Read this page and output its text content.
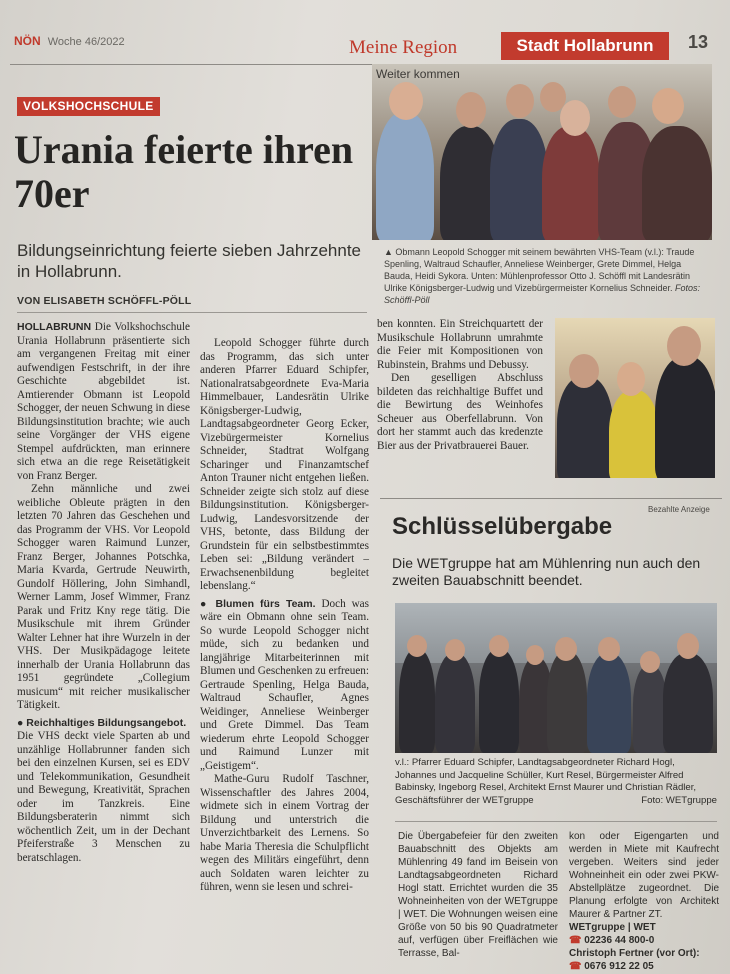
NÖN Woche 46/2022	Meine Region	Stadt Hollabrunn	13
VOLKSHOCHSCHULE
Urania feierte ihren 70er
Bildungseinrichtung feierte sieben Jahrzehnte in Hollabrunn.
VON ELISABETH SCHÖFFL-PÖLL
Weiter kommen
▲ Obmann Leopold Schogger mit seinem bewährten VHS-Team (v.l.): Traude Spenling, Waltraud Schaufler, Anneliese Weinberger, Grete Dimmel, Helga Bauda, Heidi Sykora. Unten: Mühlenprofessor Otto J. Schöffl mit Landesrätin Ulrike Königsberger-Ludwig und Vizebürgermeister Kornelius Schneider. Fotos: Schöffl-Pöll

HOLLABRUNN Die Volkshochschule Urania Hollabrunn präsentierte sich am vergangenen Freitag mit einer aufwendigen Festschrift, in der ihre Geschichte abgebildet ist. Amtierender Obmann ist Leopold Schogger, der neuen Schwung in diese Bildungsinstitution brachte; wie auch seine Vorgänger der VHS eigene Stempel aufdrückten, man erinnere sich etwa an die rege Reisetätigkeit von Franz Berger.

Zehn männliche und zwei weibliche Obleute prägten in den letzten 70 Jahren das Geschehen und das Programm der VHS. Vor Leopold Schogger waren Raimund Lunzer, Franz Berger, Johannes Potschka, Maria Kvarda, Gertrude Neuwirth, Gundolf Höllering, John Simhandl, Werner Lamm, Josef Wimmer, Franz Parak und Fritz Kny rege tätig. Die Musikschule mit ihrem Gründer Walter Lehner hat ihre Wurzeln in der VHS. Der Musikpädagoge leitete innerhalb der Urania Hollabrunn das 1951 gegründete „Collegium musicum“ mit reicher musikalischer Tätigkeit.

● Reichhaltiges Bildungsangebot.

Die VHS deckt viele Sparten ab und unzählige Hollabrunner fanden sich bei den einzelnen Kursen, sei es EDV und Telekommunikation, Gesundheit und Bewegung, Kreativität, Sprachen oder im Tanzkreis. Eine Bildungsberaterin nimmt sich wöchentlich Zeit, um in der Dechant Pfeiferstraße 3 Menschen zu beratschlagen.

Leopold Schogger führte durch das Programm, das sich unter anderen Pfarrer Eduard Schipfer, Nationalratsabgeordnete Eva-Maria Himmelbauer, Landesrätin Ulrike Königsberger-Ludwig, Landtagsabgeordneter Georg Ecker, Vizebürgermeister Kornelius Schneider, Stadtrat Wolfgang Scharinger und Finanzamtschef Anton Trauner nicht entgehen ließen. Schneider zeigte sich stolz auf diese Bildungsinstitution. Königsberger-Ludwig, Landesvorsitzende der VHS, betonte, dass Bildung der Grundstein für ein selbstbestimmtes Leben sei: „Bildung verändert – Erwachsenenbildung begleitet lebenslang.“

● Blumen fürs Team. Doch was wäre ein Obmann ohne sein Team. So wurde Leopold Schogger nicht müde, sich zu bedanken und langjährige Mitarbeiterinnen mit Blumen und Geschenken zu erfreuen: Gertraude Spenling, Helga Bauda, Waltraud Schaufler, Agnes Weidinger, Anneliese Weinberger und Grete Dimmel. Das Team wiederum ehrte Leopold Schogger und Raimund Lunzer mit „Geistigem“.

Mathe-Guru Rudolf Taschner, Wissenschaftler des Jahres 2004, widmete sich in einem Vortrag der Bildung und unterstrich die Unverzichtbarkeit des Lernens. So habe Maria Theresia die Schulpflicht wegen des Militärs eingeführt, denn auch Soldaten waren leichter zu führen, wenn sie lesen und schrei-

ben konnten. Ein Streichquartett der Musikschule Hollabrunn umrahmte die Feier mit Kompositionen von Rubinstein, Brahms und Debussy.

Den geselligen Abschluss bildeten das reichhaltige Buffet und die Bewirtung des Weinhofes Scheuer aus Oberfellabrunn. Von dort her stammt auch das kredenzte Bier aus der Privatbrauerei Bauer.

Bezahlte Anzeige
Schlüsselübergabe
Die WETgruppe hat am Mühlenring nun auch den zweiten Bauabschnitt beendet.
v.l.: Pfarrer Eduard Schipfer, Landtagsabgeordneter Richard Hogl, Johannes und Jacqueline Schüller, Kurt Resel, Bürgermeister Alfred Babinsky, Ingeborg Resel, Architekt Ernst Maurer und Christian Rädler, Geschäftsführer der WETgruppe	Foto: WETgruppe
Die Übergabefeier für den zweiten Bauabschnitt des Objekts am Mühlenring 49 fand im Beisein von Landtagsabgeordneten Richard Hogl statt. Errichtet wurden die 35 Wohneinheiten von der WETgruppe | WET. Die Wohnungen weisen eine Größe von 50 bis 90 Quadratmeter auf, verfügen über Freiflächen wie Terrasse, Bal-
kon oder Eigengarten und werden in Miete mit Kaufrecht vergeben. Weiters sind jeder Wohneinheit ein oder zwei PKW-Abstellplätze zugeordnet. Die Planung erfolgte von Architekt Maurer & Partner ZT.
WETgruppe | WET
☎ 02236 44 800-0
Christoph Fertner (vor Ort):
☎ 0676 912 22 05
